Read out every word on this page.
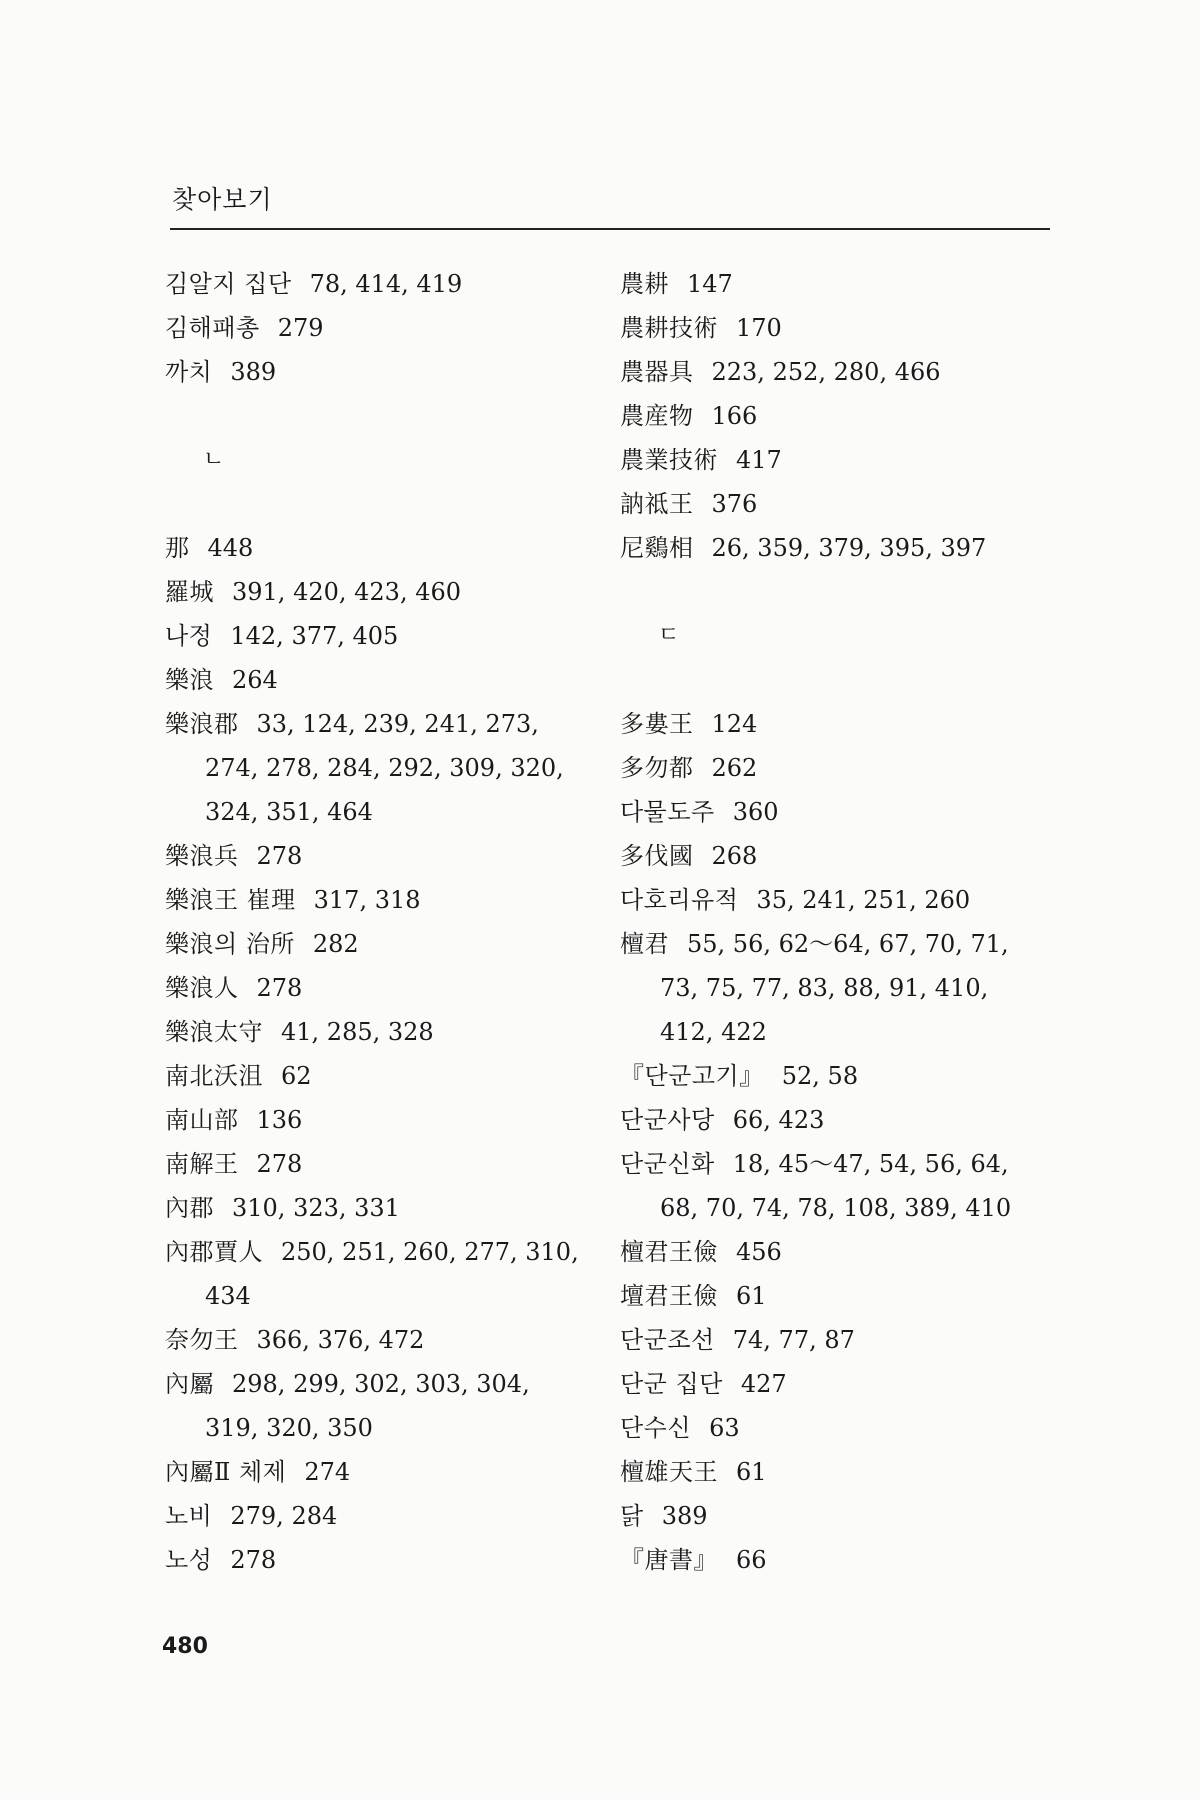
찾아보기
김알지 집단 78, 414, 419
김해패총 279
까치 389
ㄴ
那 448
羅城 391, 420, 423, 460
나정 142, 377, 405
樂浪 264
樂浪郡 33, 124, 239, 241, 273,
274, 278, 284, 292, 309, 320,
324, 351, 464
樂浪兵 278
樂浪王 崔理 317, 318
樂浪의 治所 282
樂浪人 278
樂浪太守 41, 285, 328
南北沃沮 62
南山部 136
南解王 278
內郡 310, 323, 331
內郡賈人 250, 251, 260, 277, 310,
434
奈勿王 366, 376, 472
內屬 298, 299, 302, 303, 304,
319, 320, 350
內屬Ⅱ 체제 274
노비 279, 284
노성 278
農耕 147
農耕技術 170
農器具 223, 252, 280, 466
農産物 166
農業技術 417
訥祗王 376
尼鷄相 26, 359, 379, 395, 397
ㄷ
多婁王 124
多勿都 262
다물도주 360
多伐國 268
다호리유적 35, 241, 251, 260
檀君 55, 56, 62～64, 67, 70, 71,
73, 75, 77, 83, 88, 91, 410,
412, 422
『단군고기』 52, 58
단군사당 66, 423
단군신화 18, 45～47, 54, 56, 64,
68, 70, 74, 78, 108, 389, 410
檀君王儉 456
壇君王儉 61
단군조선 74, 77, 87
단군 집단 427
단수신 63
檀雄天王 61
닭 389
『唐書』 66
480
